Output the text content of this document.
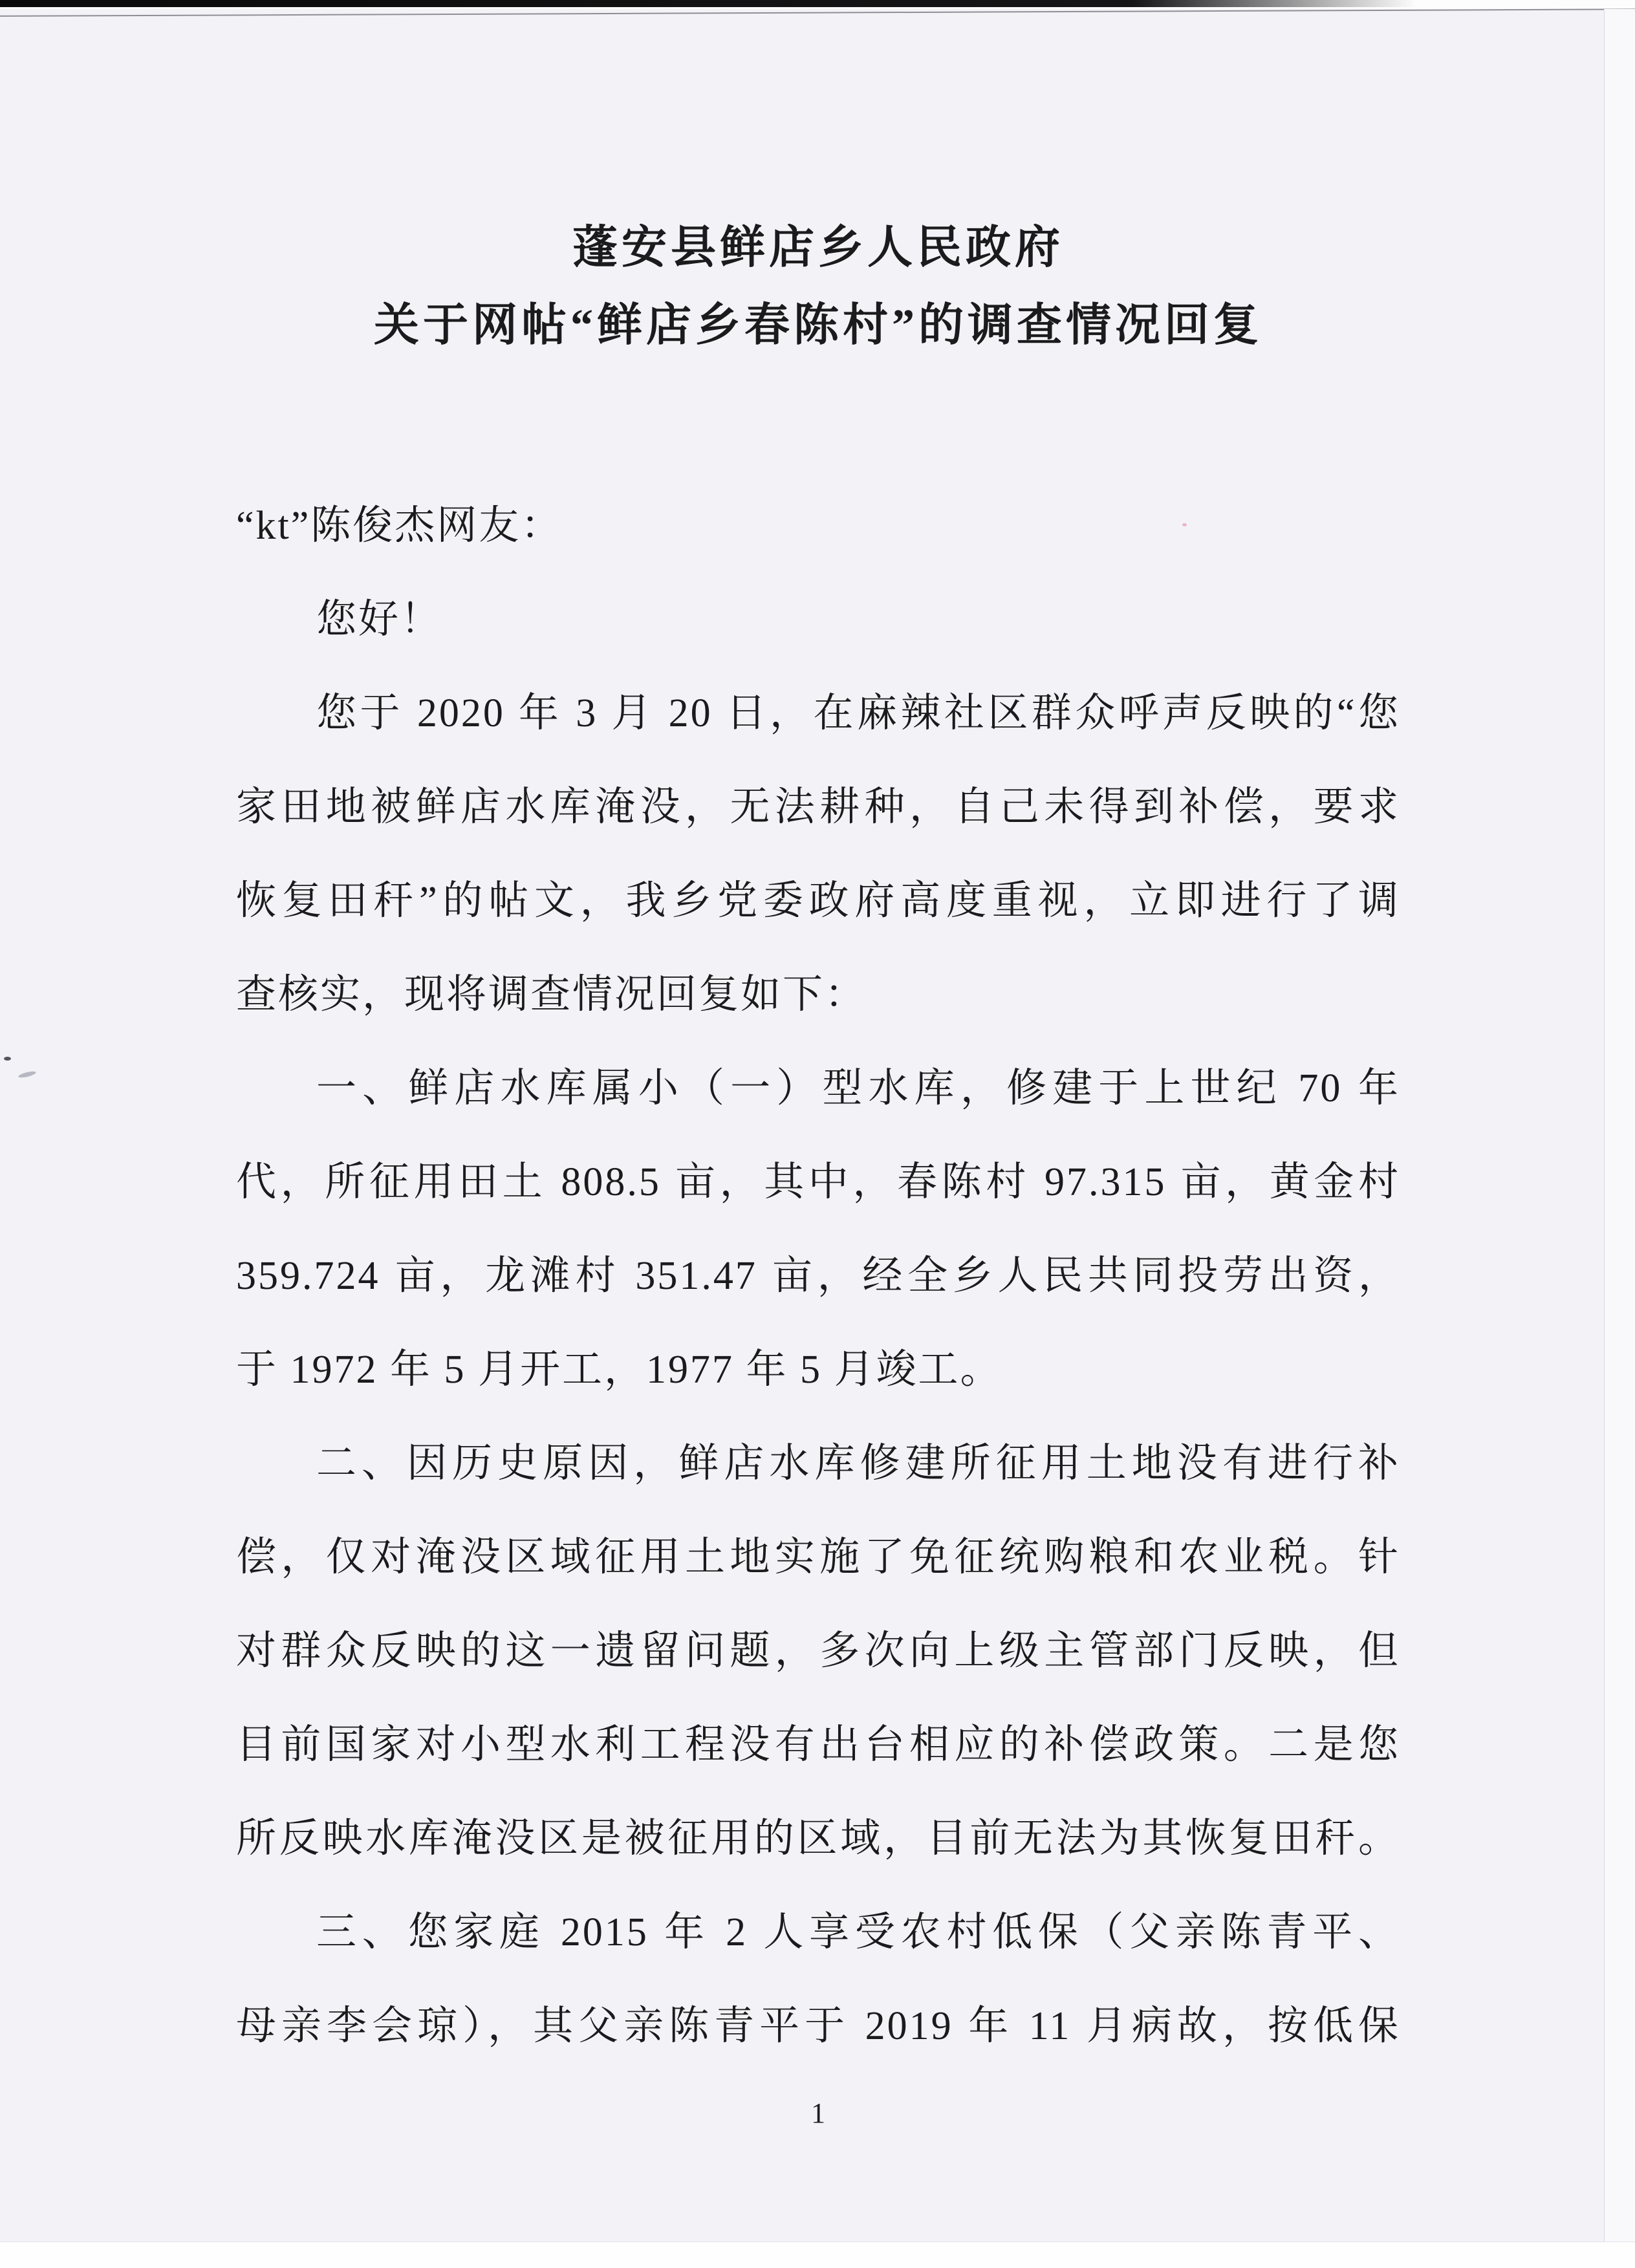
蓬安县鲜店乡人民政府
关于网帖“鲜店乡春陈村”的调查情况回复
“kt”陈俊杰网友：
您好！
您于 2020 年 3 月 20 日，在麻辣社区群众呼声反映的“您
家田地被鲜店水库淹没，无法耕种，自己未得到补偿，要求
恢复田秆”的帖文，我乡党委政府高度重视，立即进行了调
查核实，现将调查情况回复如下：
一、鲜店水库属小（一）型水库，修建于上世纪 70 年
代，所征用田土 808.5 亩，其中，春陈村 97.315 亩，黄金村
359.724 亩，龙滩村 351.47 亩，经全乡人民共同投劳出资，
于 1972 年 5 月开工，1977 年 5 月竣工。
二、因历史原因，鲜店水库修建所征用土地没有进行补
偿，仅对淹没区域征用土地实施了免征统购粮和农业税。针
对群众反映的这一遗留问题，多次向上级主管部门反映，但
目前国家对小型水利工程没有出台相应的补偿政策。二是您
所反映水库淹没区是被征用的区域，目前无法为其恢复田秆。
三、您家庭 2015 年 2 人享受农村低保（父亲陈青平、
母亲李会琼），其父亲陈青平于 2019 年 11 月病故，按低保
1
